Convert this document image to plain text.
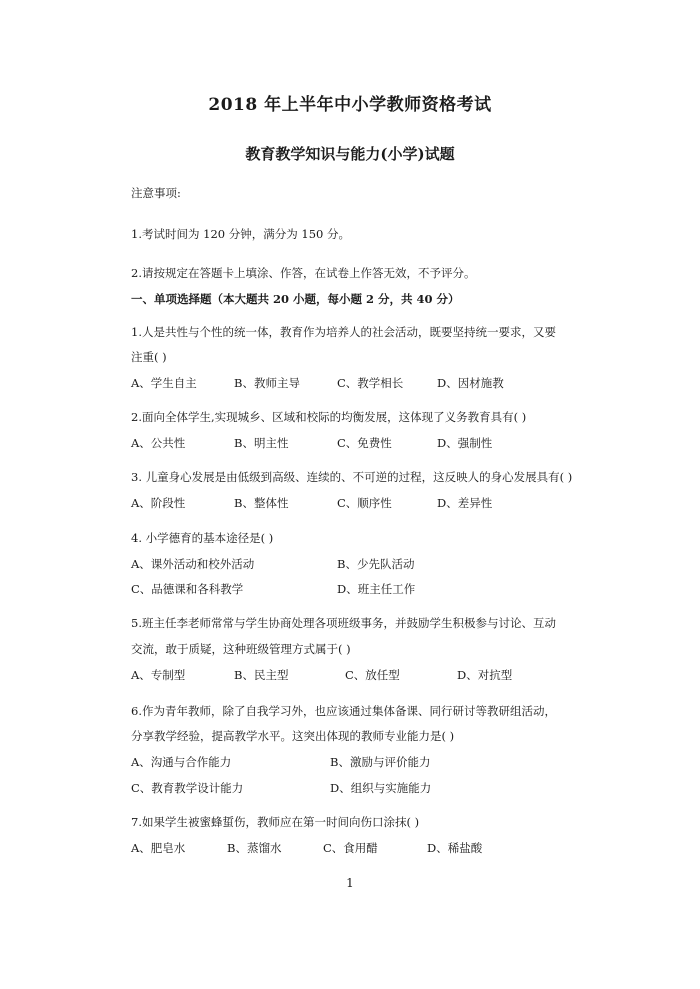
2018 年上半年中小学教师资格考试
教育教学知识与能力(小学)试题
注意事项:
1.考试时间为 120 分钟，满分为 150 分。
2.请按规定在答题卡上填涂、作答，在试卷上作答无效，不予评分。
一、单项选择题（本大题共 20 小题，每小题 2 分，共 40 分）
1.人是共性与个性的统一体，教育作为培养人的社会活动，既要坚持统一要求，又要
注重( )
A、学生自主	B、教师主导	C、教学相长	D、因材施教
2.面向全体学生,实现城乡、区域和校际的均衡发展，这体现了义务教育具有( )
A、公共性	B、明主性	C、免费性	D、强制性
3. 儿童身心发展是由低级到高级、连续的、不可逆的过程，这反映人的身心发展具有( )
A、阶段性	B、整体性	C、顺序性	D、差异性
4. 小学德育的基本途径是( )
A、课外活动和校外活动	B、少先队活动
C、品德课和各科教学	D、班主任工作
5.班主任李老师常常与学生协商处理各项班级事务，并鼓励学生积极参与讨论、互动
交流，敢于质疑，这种班级管理方式属于( )
A、专制型	B、民主型	C、放任型	D、对抗型
6.作为青年教师，除了自我学习外，也应该通过集体备课、同行研讨等教研组活动，
分享教学经验，提高教学水平。这突出体现的教师专业能力是( )
A、沟通与合作能力	B、激励与评价能力
C、教育教学设计能力	D、组织与实施能力
7.如果学生被蜜蜂蜇伤，教师应在第一时间向伤口涂抹( )
A、肥皂水	B、蒸馏水	C、食用醋	D、稀盐酸
1
